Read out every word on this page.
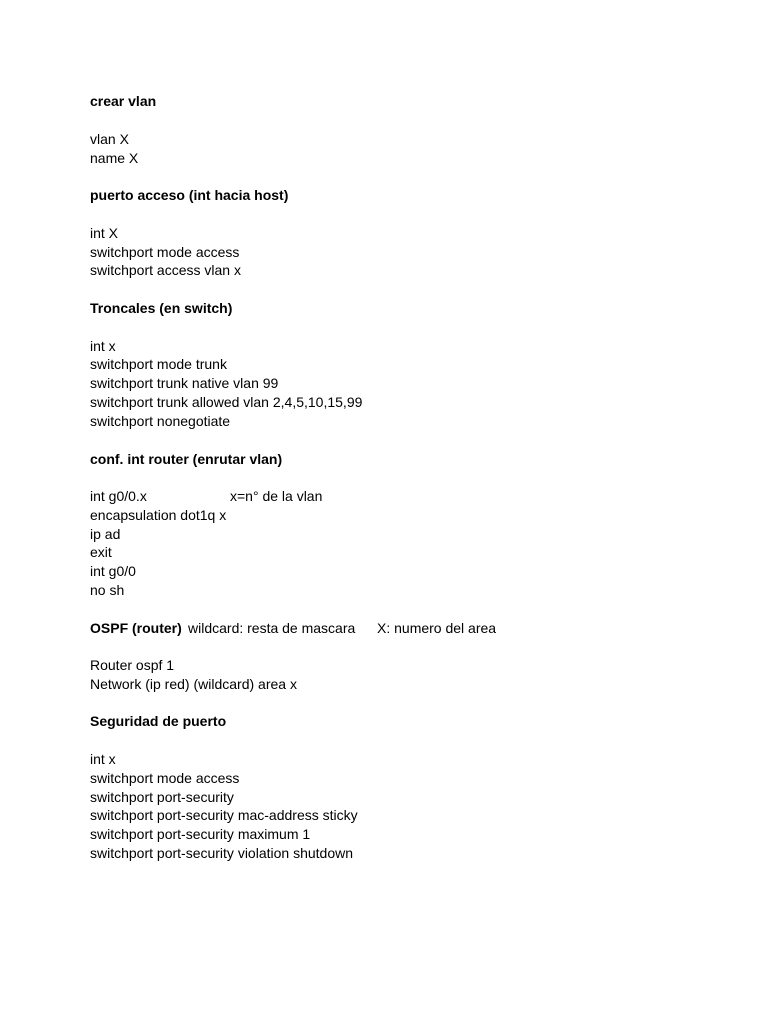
crear vlan
vlan X
name X
puerto acceso (int hacia host)
int X
switchport mode access
switchport access vlan x
Troncales (en switch)
int x
switchport mode trunk
switchport trunk native vlan 99
switchport trunk allowed vlan 2,4,5,10,15,99
switchport nonegotiate
conf. int router (enrutar vlan)
int g0/0.x	x=n° de la vlan
encapsulation dot1q x
ip ad
exit
int g0/0
no sh
OSPF (router) wildcard: resta de mascara X: numero del area
Router ospf 1
Network (ip red) (wildcard) area x
Seguridad de puerto
int x
switchport mode access
switchport port-security
switchport port-security mac-address sticky
switchport port-security maximum 1
switchport port-security violation shutdown
